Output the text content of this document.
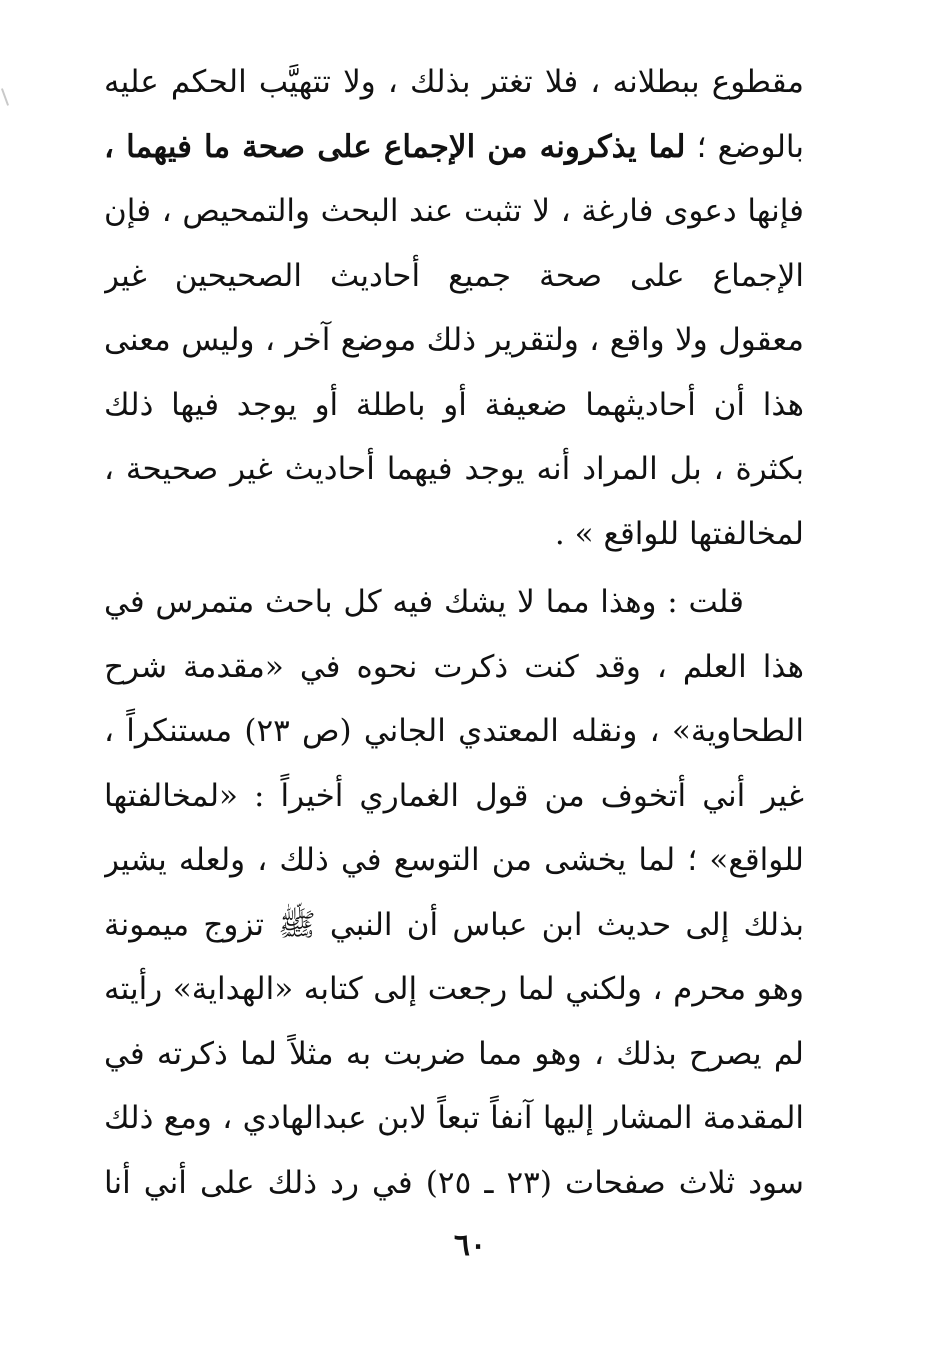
مقطوع ببطلانه ، فلا تغتر بذلك ، ولا تتهيَّب الحكم عليه
بالوضع ؛ لما يذكرونه من الإجماع على صحة ما فيهما ،
فإنها دعوى فارغة ، لا تثبت عند البحث والتمحيص ، فإن
الإجماع على صحة جميع أحاديث الصحيحين غير
معقول ولا واقع ، ولتقرير ذلك موضع آخر ، وليس معنى
هذا أن أحاديثهما ضعيفة أو باطلة أو يوجد فيها ذلك
بكثرة ، بل المراد أنه يوجد فيهما أحاديث غير صحيحة ،
لمخالفتها للواقع » .
قلت : وهذا مما لا يشك فيه كل باحث متمرس في
هذا العلم ، وقد كنت ذكرت نحوه في «مقدمة شرح
الطحاوية» ، ونقله المعتدي الجاني (ص ٢٣) مستنكراً ،
غير أني أتخوف من قول الغماري أخيراً : «لمخالفتها
للواقع» ؛ لما يخشى من التوسع في ذلك ، ولعله يشير
بذلك إلى حديث ابن عباس أن النبي ﷺ تزوج ميمونة
وهو محرم ، ولكني لما رجعت إلى كتابه «الهداية» رأيته
لم يصرح بذلك ، وهو مما ضربت به مثلاً لما ذكرته في
المقدمة المشار إليها آنفاً تبعاً لابن عبدالهادي ، ومع ذلك
سود ثلاث صفحات (٢٣ ـ ٢٥) في رد ذلك على أني أنا
٦٠
